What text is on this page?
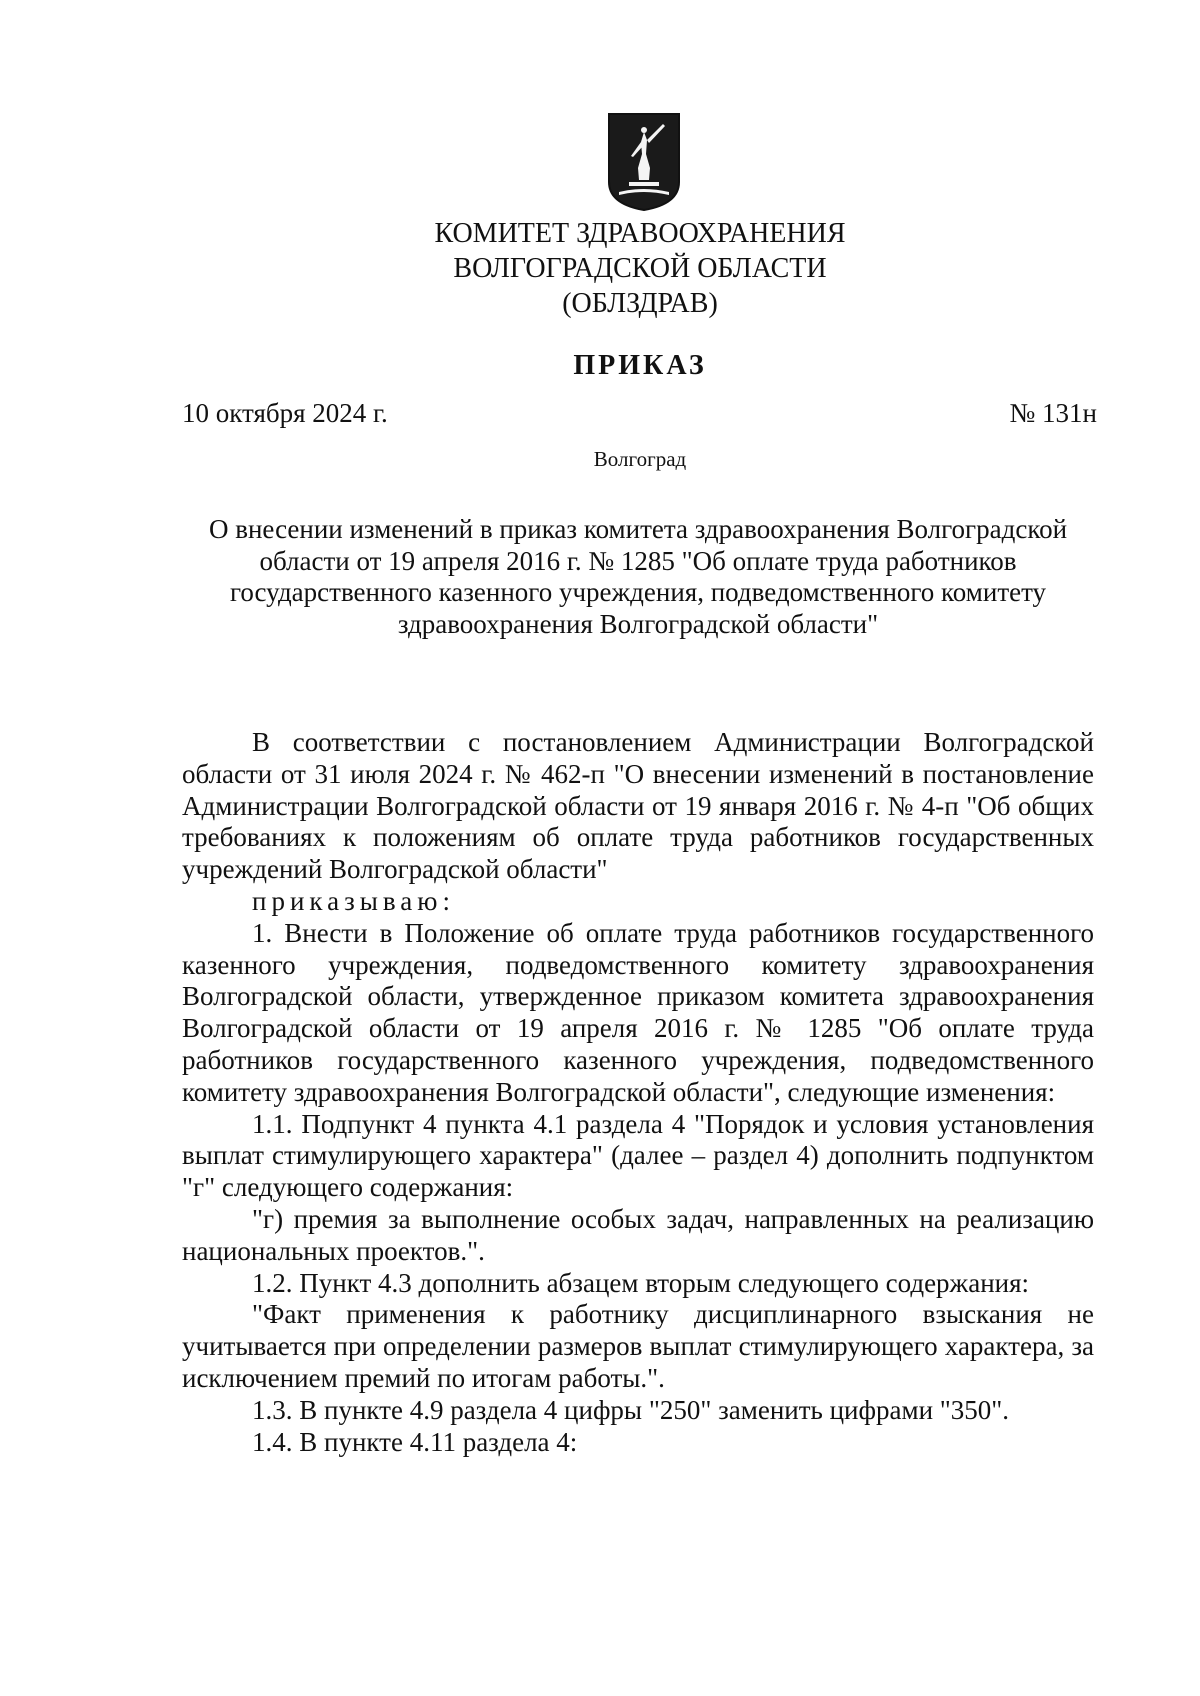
КОМИТЕТ ЗДРАВООХРАНЕНИЯ
ВОЛГОГРАДСКОЙ ОБЛАСТИ
(ОБЛЗДРАВ)
ПРИКАЗ
10 октября 2024 г.	№ 131н
Волгоград
О внесении изменений в приказ комитета здравоохранения Волгоградской области от 19 апреля 2016 г. № 1285 "Об оплате труда работников государственного казенного учреждения, подведомственного комитету здравоохранения Волгоградской области"

В соответствии с постановлением Администрации Волгоградской области от 31 июля 2024 г. № 462-п "О внесении изменений в постановление Администрации Волгоградской области от 19 января 2016 г. № 4-п "Об общих требованиях к положениям об оплате труда работников государственных учреждений Волгоградской области"

приказываю:

1. Внести в Положение об оплате труда работников государственного казенного учреждения, подведомственного комитету здравоохранения Волгоградской области, утвержденное приказом комитета здравоохранения Волгоградской области от 19 апреля 2016 г. № 1285 "Об оплате труда работников государственного казенного учреждения, подведомственного комитету здравоохранения Волгоградской области", следующие изменения:

1.1. Подпункт 4 пункта 4.1 раздела 4 "Порядок и условия установления выплат стимулирующего характера" (далее – раздел 4) дополнить подпунктом "г" следующего содержания:

"г) премия за выполнение особых задач, направленных на реализацию национальных проектов.".

1.2. Пункт 4.3 дополнить абзацем вторым следующего содержания:

"Факт применения к работнику дисциплинарного взыскания не учитывается при определении размеров выплат стимулирующего характера, за исключением премий по итогам работы.".

1.3. В пункте 4.9 раздела 4 цифры "250" заменить цифрами "350".

1.4. В пункте 4.11 раздела 4:
